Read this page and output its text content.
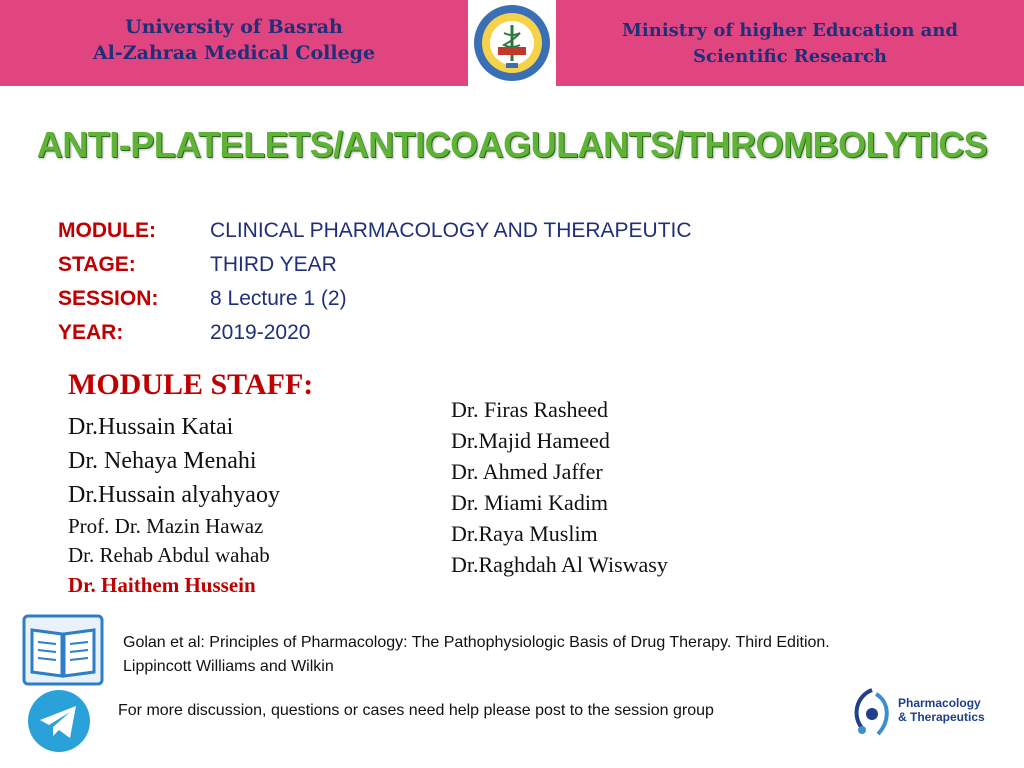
University of Basrah
Al-Zahraa Medical College
Ministry of higher Education and
Scientific Research
ANTI-PLATELETS/ANTICOAGULANTS/THROMBOLYTICS
MODULE:	CLINICAL PHARMACOLOGY AND THERAPEUTIC
STAGE:	THIRD YEAR
SESSION: 8 Lecture 1 (2)
YEAR:	2019-2020
MODULE STAFF:
Dr.Hussain Katai
Dr. Nehaya Menahi
Dr.Hussain alyahyaoy
Prof. Dr. Mazin Hawaz
Dr. Rehab Abdul wahab
Dr. Haithem Hussein
Dr. Firas Rasheed
Dr.Majid Hameed
Dr. Ahmed Jaffer
Dr. Miami Kadim
Dr.Raya Muslim
Dr.Raghdah Al Wiswasy
Golan et al: Principles of Pharmacology: The Pathophysiologic Basis of Drug Therapy. Third Edition.
Lippincott Williams and Wilkin
For more discussion, questions or cases need help please post to the session group	Pharmacology
& Therapeutics
